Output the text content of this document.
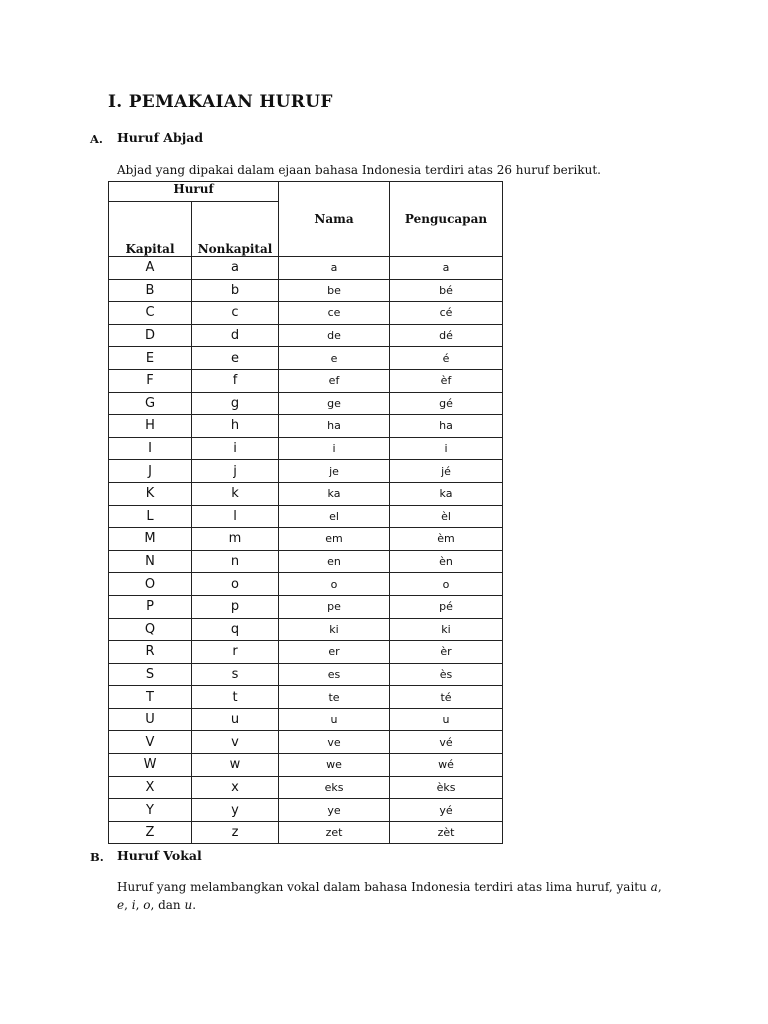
I. PEMAKAIAN HURUF
A. Huruf Abjad
Abjad yang dipakai dalam ejaan bahasa Indonesia terdiri atas 26 huruf berikut.
Huruf		Nama	Pengucapan
Kapital	Nonkapital		
A	a	a	a
B	b	be	bé
C	c	ce	cé
D	d	de	dé
E	e	e	é
F	f	ef	èf
G	g	ge	gé
H	h	ha	ha
I	i	i	i
J	j	je	jé
K	k	ka	ka
L	l	el	èl
M	m	em	èm
N	n	en	èn
O	o	o	o
P	p	pe	pé
Q	q	ki	ki
R	r	er	èr
S	s	es	ès
T	t	te	té
U	u	u	u
V	v	ve	vé
W	w	we	wé
X	x	eks	èks
Y	y	ye	yé
Z	z	zet	zèt
B. Huruf Vokal
Huruf yang melambangkan vokal dalam bahasa Indonesia terdiri atas lima huruf, yaitu a,
e, i, o, dan u.
